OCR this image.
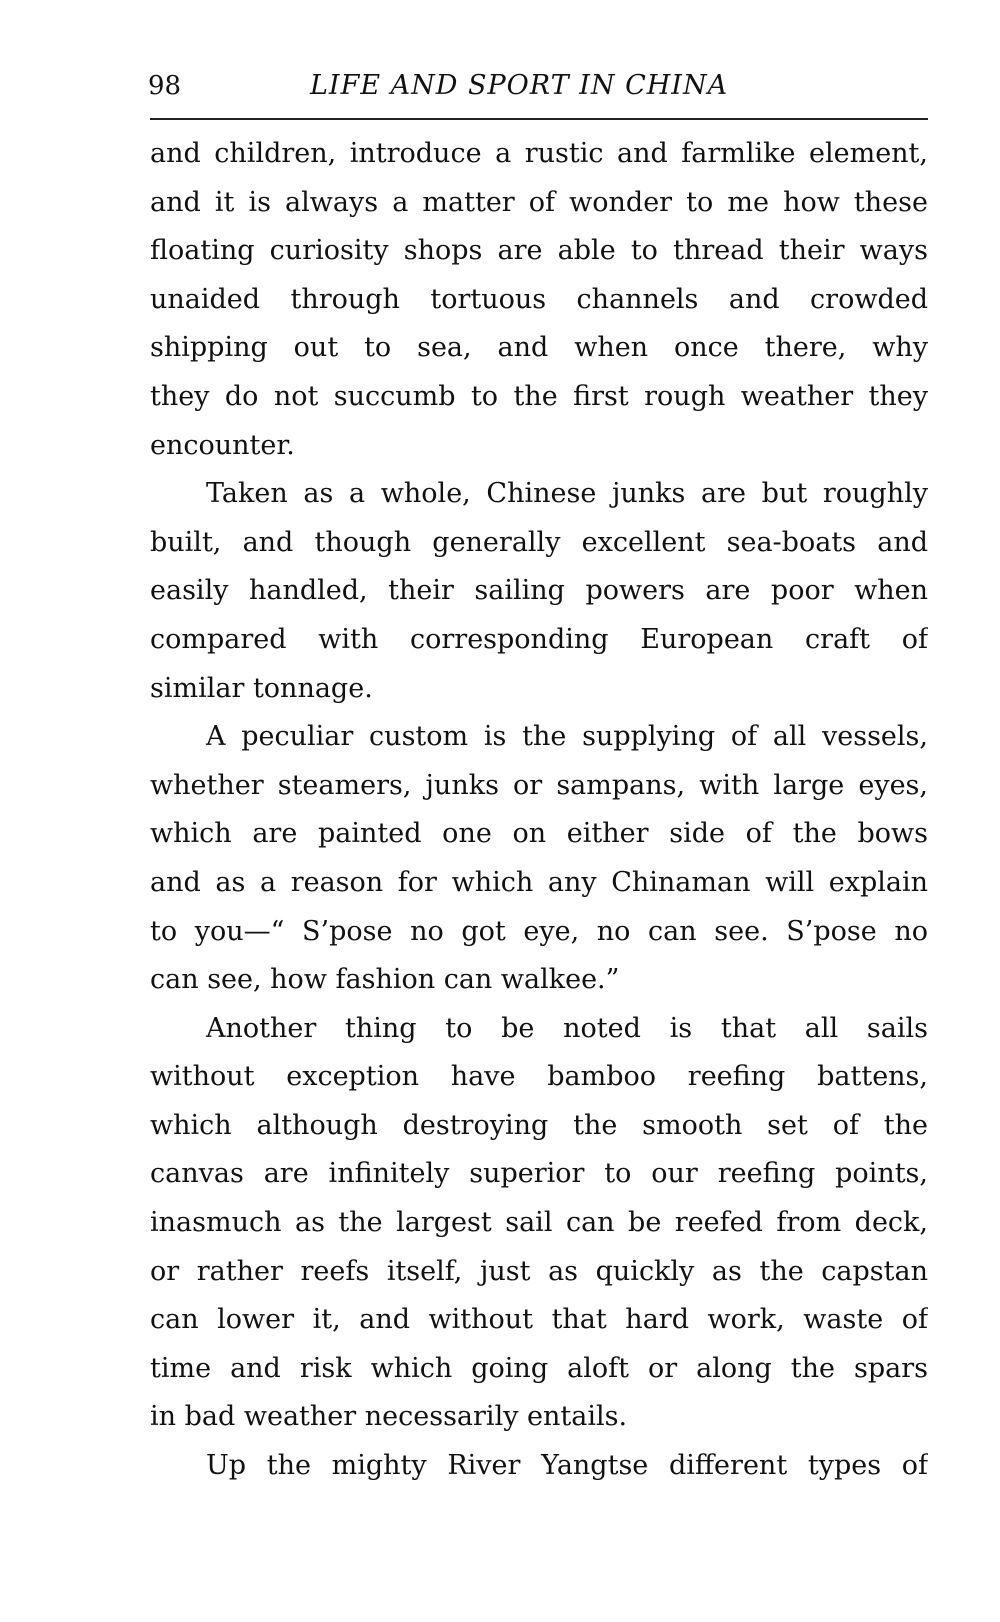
98	LIFE AND SPORT IN CHINA
and children, introduce a rustic and farmlike element,
and it is always a matter of wonder to me how these
floating curiosity shops are able to thread their ways
unaided through tortuous channels and crowded
shipping out to sea, and when once there, why
they do not succumb to the first rough weather they
encounter.
Taken as a whole, Chinese junks are but roughly
built, and though generally excellent sea-boats and
easily handled, their sailing powers are poor when
compared with corresponding European craft of
similar tonnage.
A peculiar custom is the supplying of all vessels,
whether steamers, junks or sampans, with large eyes,
which are painted one on either side of the bows
and as a reason for which any Chinaman will explain
to you—“ S’pose no got eye, no can see. S’pose no
can see, how fashion can walkee.”
Another thing to be noted is that all sails
without exception have bamboo reefing battens,
which although destroying the smooth set of the
canvas are infinitely superior to our reefing points,
inasmuch as the largest sail can be reefed from deck,
or rather reefs itself, just as quickly as the capstan
can lower it, and without that hard work, waste of
time and risk which going aloft or along the spars
in bad weather necessarily entails.
Up the mighty River Yangtse different types of
